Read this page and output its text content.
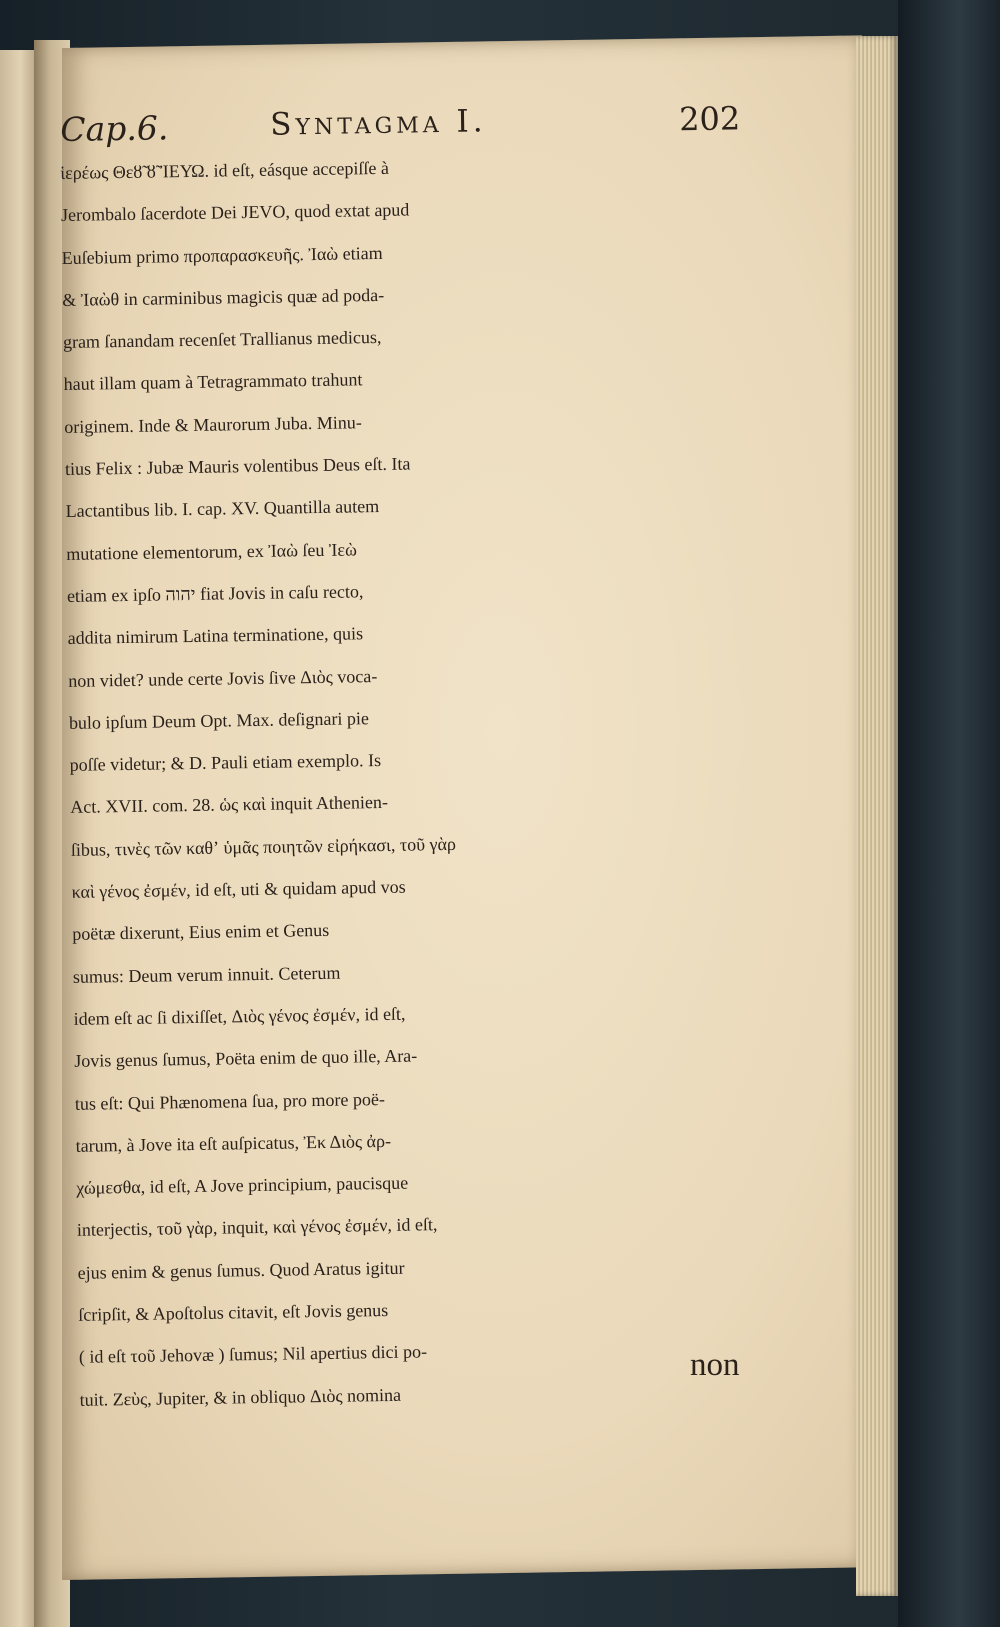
Cap.6.	Syntagma I.	202
ἱερέως Θεȣ̃ ȣ̃ ἸΕΥΩ. id eſt, eásque accepiſſe à
Jerombalo ſacerdote Dei JEVO, quod extat apud
Euſebium primo προπαρασκευῆς. Ἰαὼ etiam
& Ἰαὼθ in carminibus magicis quæ ad poda-
gram ſanandam recenſet Trallianus medicus,
haut illam quam à Tetragrammato trahunt
originem. Inde & Maurorum Juba. Minu-
tius Felix : Jubæ Mauris volentibus Deus eſt. Ita
Lactantibus lib. I. cap. XV. Quantilla autem
mutatione elementorum, ex Ἰαὼ ſeu Ἰεὼ
etiam ex ipſo יהוה fiat Jovis in caſu recto,
addita nimirum Latina terminatione, quis
non videt? unde certe Jovis ſive Διὸς voca-
bulo ipſum Deum Opt. Max. deſignari pie
poſſe videtur; & D. Pauli etiam exemplo. Is
Act. XVII. com. 28. ὡς καὶ inquit Athenien-
ſibus, τινὲς τῶν καθʼ ὑμᾶς ποιητῶν εἰρήκασι, τοῦ γὰρ
καὶ γένος ἐσμέν, id eſt, uti & quidam apud vos
poëtæ dixerunt, Eius enim et Genus
sumus: Deum verum innuit. Ceterum
idem eſt ac ſi dixiſſet, Διὸς γένος ἐσμέν, id eſt,
Jovis genus ſumus, Poëta enim de quo ille, Ara-
tus eſt: Qui Phænomena ſua, pro more poë-
tarum, à Jove ita eſt auſpicatus, Ἐκ Διὸς ἀρ-
χώμεσθα, id eſt, A Jove principium, paucisque
interjectis, τοῦ γὰρ, inquit, καὶ γένος ἐσμέν, id eſt,
ejus enim & genus ſumus. Quod Aratus igitur
ſcripſit, & Apoſtolus citavit, eſt Jovis genus
( id eſt τοῦ Jehovæ ) ſumus; Nil apertius dici po-
tuit. Ζεὺς, Jupiter, & in obliquo Διὸς nomina
non
